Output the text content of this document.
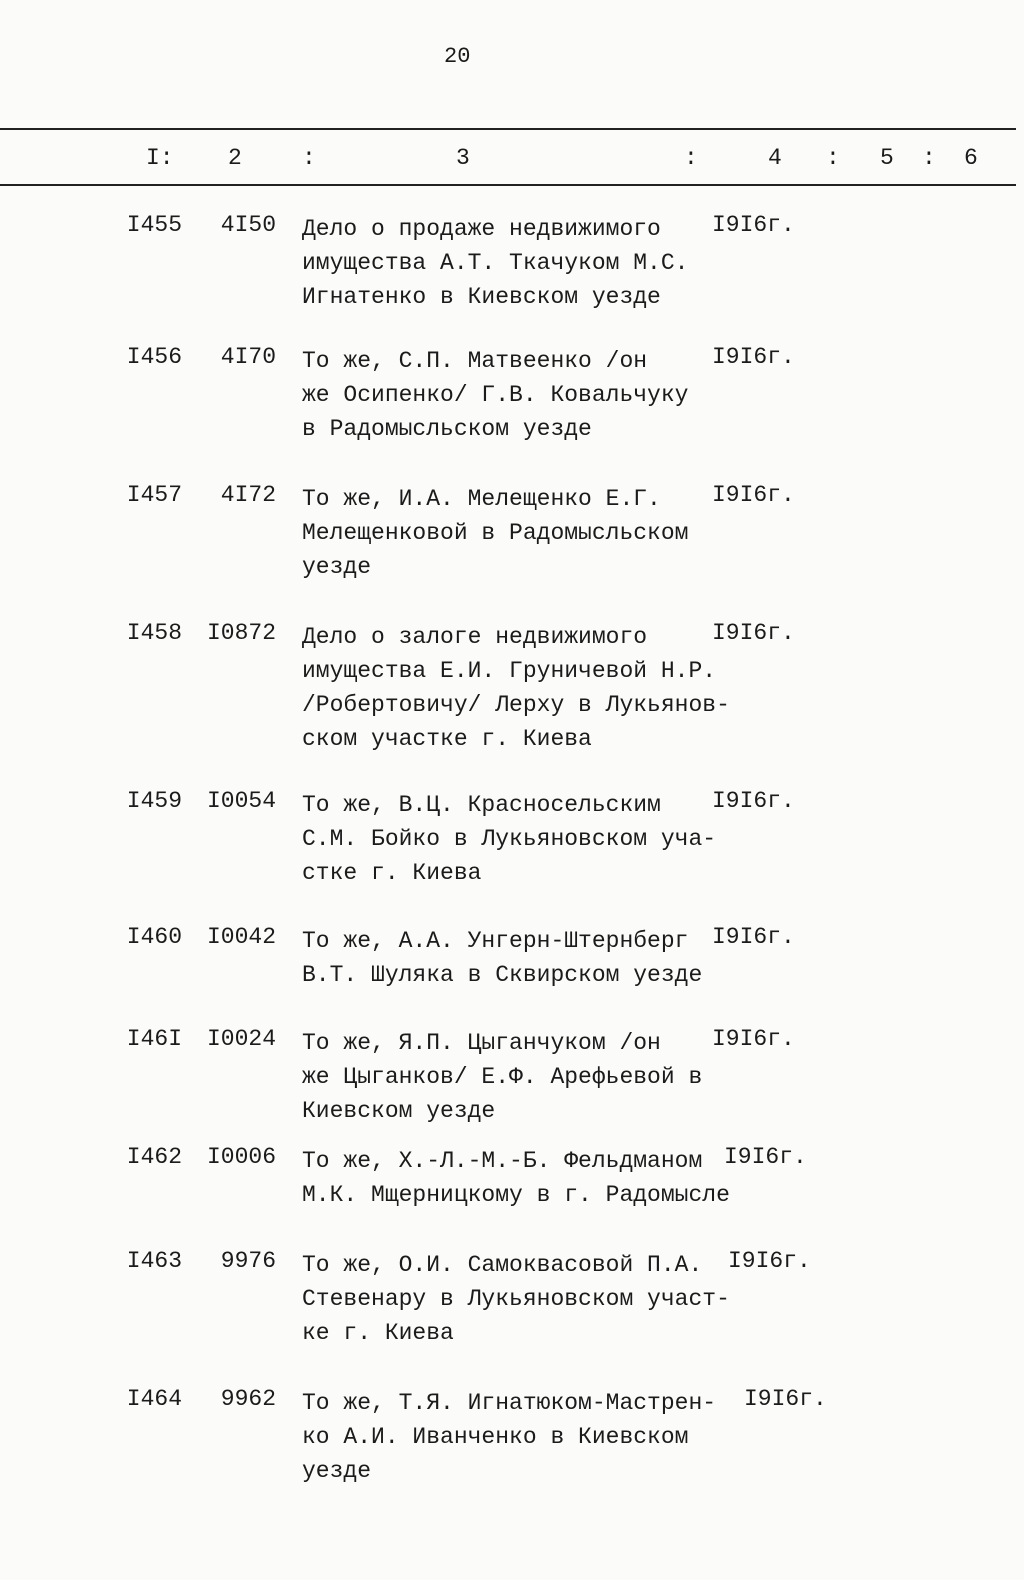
20
I: 2	:	3	:	4 : 5 : 6
I455	4I50 Дело о продаже недвижимого
имущества А.Т. Ткачуком М.С.
Игнатенко в Киевском уезде
I9I6г.
I456	4I70 То же, С.П. Матвеенко /он
же Осипенко/ Г.В. Ковальчуку
в Радомысльском уезде
I9I6г.
I457	4I72 То же, И.А. Мелещенко Е.Г.
Мелещенковой в Радомысльском
уезде
I9I6г.
I458	I0872 Дело о залоге недвижимого
имущества Е.И. Груничевой Н.Р.
/Робертовичу/ Лерху в Лукьянов-
ском участке г. Киева
I9I6г.
I459	I0054 То же, В.Ц. Красносельским
С.М. Бойко в Лукьяновском уча-
стке г. Киева
I9I6г.
I460	I0042 То же, А.А. Унгерн-Штернберг
В.Т. Шуляка в Сквирском уезде
I9I6г.
I46I	I0024 То же, Я.П. Цыганчуком /он
же Цыганков/ Е.Ф. Арефьевой в
Киевском уезде
I9I6г.
I462	I0006 То же, Х.-Л.-М.-Б. Фельдманом
М.К. Мщерницкому в г. Радомысле
I9I6г.
I463	9976 То же, О.И. Самоквасовой П.А.
Стевенару в Лукьяновском участ-
ке г. Киева
I9I6г.
I464	9962 То же, Т.Я. Игнатюком-Мастрен-
ко А.И. Иванченко в Киевском
уезде
I9I6г.
